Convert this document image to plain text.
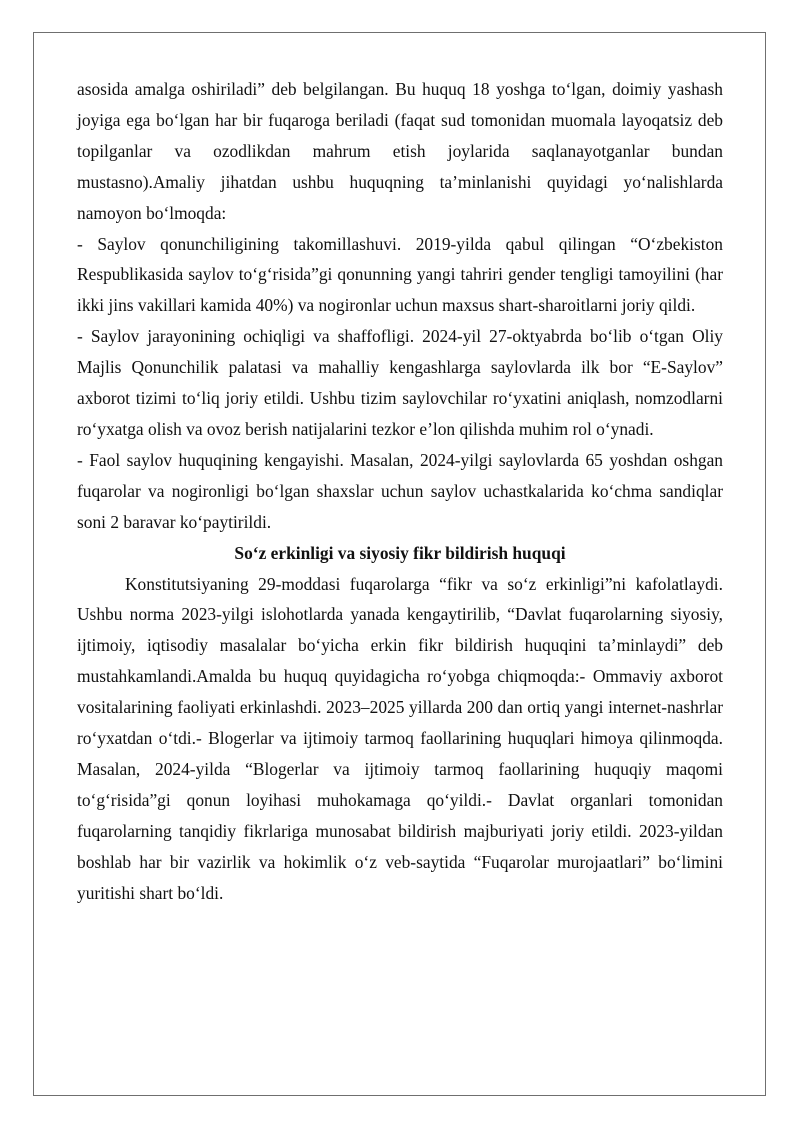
asosida amalga oshiriladi” deb belgilangan. Bu huquq 18 yoshga to‘lgan, doimiy yashash joyiga ega bo‘lgan har bir fuqaroga beriladi (faqat sud tomonidan muomala layoqatsiz deb topilganlar va ozodlikdan mahrum etish joylarida saqlanayotganlar bundan mustasno).Amaliy jihatdan ushbu huquqning ta’minlanishi quyidagi yo‘nalishlarda namoyon bo‘lmoqda:

- Saylov qonunchiligining takomillashuvi. 2019-yilda qabul qilingan “O‘zbekiston Respublikasida saylov to‘g‘risida”gi qonunning yangi tahriri gender tengligi tamoyilini (har ikki jins vakillari kamida 40%) va nogironlar uchun maxsus shart-sharoitlarni joriy qildi.

- Saylov jarayonining ochiqligi va shaffofligi. 2024-yil 27-oktyabrda bo‘lib o‘tgan Oliy Majlis Qonunchilik palatasi va mahalliy kengashlarga saylovlarda ilk bor “E-Saylov” axborot tizimi to‘liq joriy etildi. Ushbu tizim saylovchilar ro‘yxatini aniqlash, nomzodlarni ro‘yxatga olish va ovoz berish natijalarini tezkor e’lon qilishda muhim rol o‘ynadi.

- Faol saylov huquqining kengayishi. Masalan, 2024-yilgi saylovlarda 65 yoshdan oshgan fuqarolar va nogironligi bo‘lgan shaxslar uchun saylov uchastkalarida ko‘chma sandiqlar soni 2 baravar ko‘paytirildi.

So‘z erkinligi va siyosiy fikr bildirish huquqi

Konstitutsiyaning 29-moddasi fuqarolarga “fikr va so‘z erkinligi”ni kafolatlaydi. Ushbu norma 2023-yilgi islohotlarda yanada kengaytirilib, “Davlat fuqarolarning siyosiy, ijtimoiy, iqtisodiy masalalar bo‘yicha erkin fikr bildirish huquqini ta’minlaydi” deb mustahkamlandi.Amalda bu huquq quyidagicha ro‘yobga chiqmoqda:- Ommaviy axborot vositalarining faoliyati erkinlashdi. 2023–2025 yillarda 200 dan ortiq yangi internet-nashrlar ro‘yxatdan o‘tdi.- Blogerlar va ijtimoiy tarmoq faollarining huquqlari himoya qilinmoqda. Masalan, 2024-yilda “Blogerlar va ijtimoiy tarmoq faollarining huquqiy maqomi to‘g‘risida”gi qonun loyihasi muhokamaga qo‘yildi.- Davlat organlari tomonidan fuqarolarning tanqidiy fikrlariga munosabat bildirish majburiyati joriy etildi. 2023-yildan boshlab har bir vazirlik va hokimlik o‘z veb-saytida “Fuqarolar murojaatlari” bo‘limini yuritishi shart bo‘ldi.
